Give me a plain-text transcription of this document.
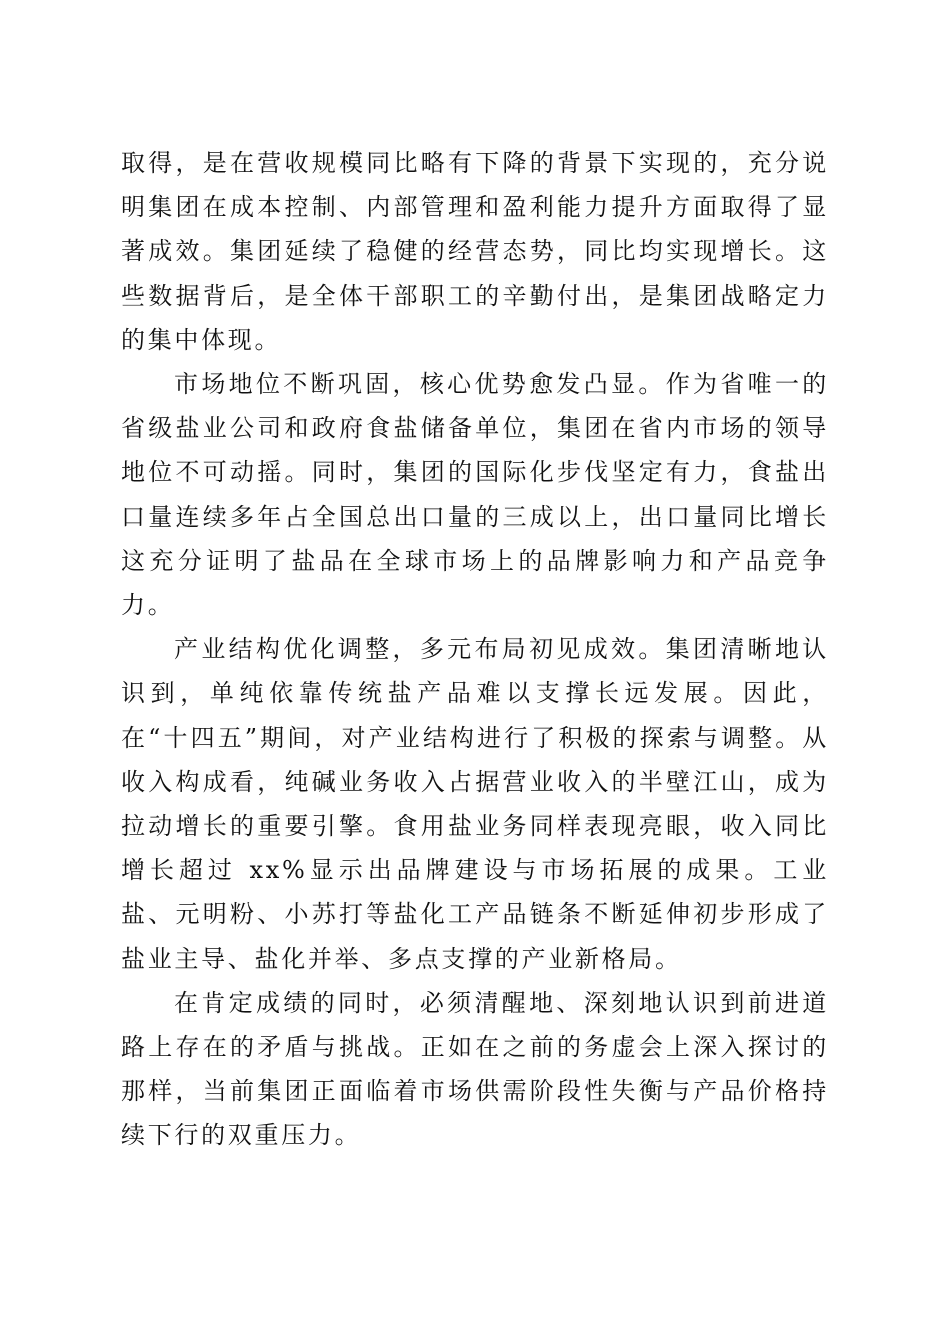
取得，是在营收规模同比略有下降的背景下实现的，充分说明集团在成本控制、内部管理和盈利能力提升方面取得了显著成效。集团延续了稳健的经营态势，同比均实现增长。这些数据背后，是全体干部职工的辛勤付出，是集团战略定力的集中体现。

市场地位不断巩固，核心优势愈发凸显。作为省唯一的省级盐业公司和政府食盐储备单位，集团在省内市场的领导地位不可动摇。同时，集团的国际化步伐坚定有力，食盐出口量连续多年占全国总出口量的三成以上，出口量同比增长这充分证明了盐品在全球市场上的品牌影响力和产品竞争力。

产业结构优化调整，多元布局初见成效。集团清晰地认识到，单纯依靠传统盐产品难以支撑长远发展。因此，在“十四五”期间，对产业结构进行了积极的探索与调整。从收入构成看，纯碱业务收入占据营业收入的半壁江山，成为拉动增长的重要引擎。食用盐业务同样表现亮眼，收入同比增长超过 xx%显示出品牌建设与市场拓展的成果。工业盐、元明粉、小苏打等盐化工产品链条不断延伸初步形成了盐业主导、盐化并举、多点支撑的产业新格局。

在肯定成绩的同时，必须清醒地、深刻地认识到前进道路上存在的矛盾与挑战。正如在之前的务虚会上深入探讨的那样，当前集团正面临着市场供需阶段性失衡与产品价格持续下行的双重压力。
